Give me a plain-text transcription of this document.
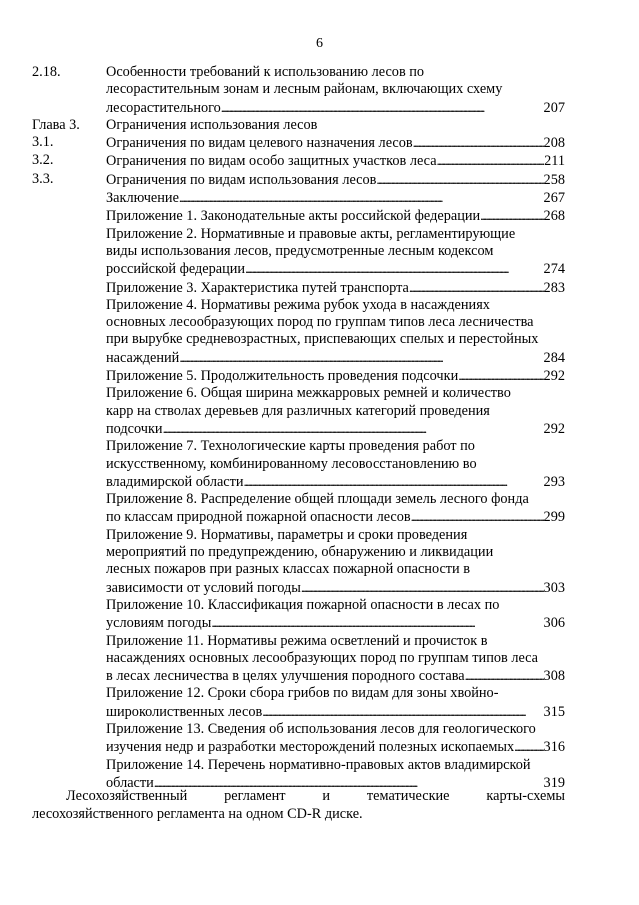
6
2.18.	Особенности требований к использованию лесов по
лесорастительным зонам и лесным районам, включающих схему
лесорастительного . . .	207
Глава 3.	Ограничения использования лесов
3.1.	Ограничения по видам целевого назначения лесов . . .	208
3.2.	Ограничения по видам особо защитных участков леса . . .	211
3.3.	Ограничения по видам использования лесов . . .	258
Заключение . . .	267
Приложение 1. Законодательные акты российской федерации . . .	268
Приложение 2. Нормативные и правовые акты, регламентирующие
виды использования лесов, предусмотренные лесным кодексом
российской федерации . . .	274
Приложение 3. Характеристика путей транспорта . . .	283
Приложение 4. Нормативы режима рубок ухода в насаждениях
основных лесообразующих пород по группам типов леса лесничества
при вырубке средневозрастных, приспевающих спелых и перестойных
насаждений . . .	284
Приложение 5. Продолжительность проведения подсочки . . .	292
Приложение 6. Общая ширина межкарровых ремней и количество
карр на стволах деревьев для различных категорий проведения
подсочки . . .	292
Приложение 7. Технологические карты проведения работ по
искусственному, комбинированному лесовосстановлению во
владимирской области . . .	293
Приложение 8. Распределение общей площади земель лесного фонда
по классам природной пожарной опасности лесов . . .	299
Приложение 9. Нормативы, параметры и сроки проведения
мероприятий по предупреждению, обнаружению и ликвидации
лесных пожаров при разных классах пожарной опасности в
зависимости от условий погоды . . .	303
Приложение 10. Классификация пожарной опасности в лесах по
условиям погоды . . .	306
Приложение 11. Нормативы режима осветлений и прочисток в
насаждениях основных лесообразующих пород по группам типов леса
в лесах лесничества в целях улучшения породного состава . . .	308
Приложение 12. Сроки сбора грибов по видам для зоны хвойно-
широколиственных лесов . . .	315
Приложение 13. Сведения об использования лесов для геологического
изучения недр и разработки месторождений полезных ископаемых . . . 316
Приложение 14. Перечень нормативно-правовых актов владимирской
области . . .	319
Лесохозяйственный регламент и тематические карты-схемы
лесохозяйственного регламента на одном CD-R диске.
